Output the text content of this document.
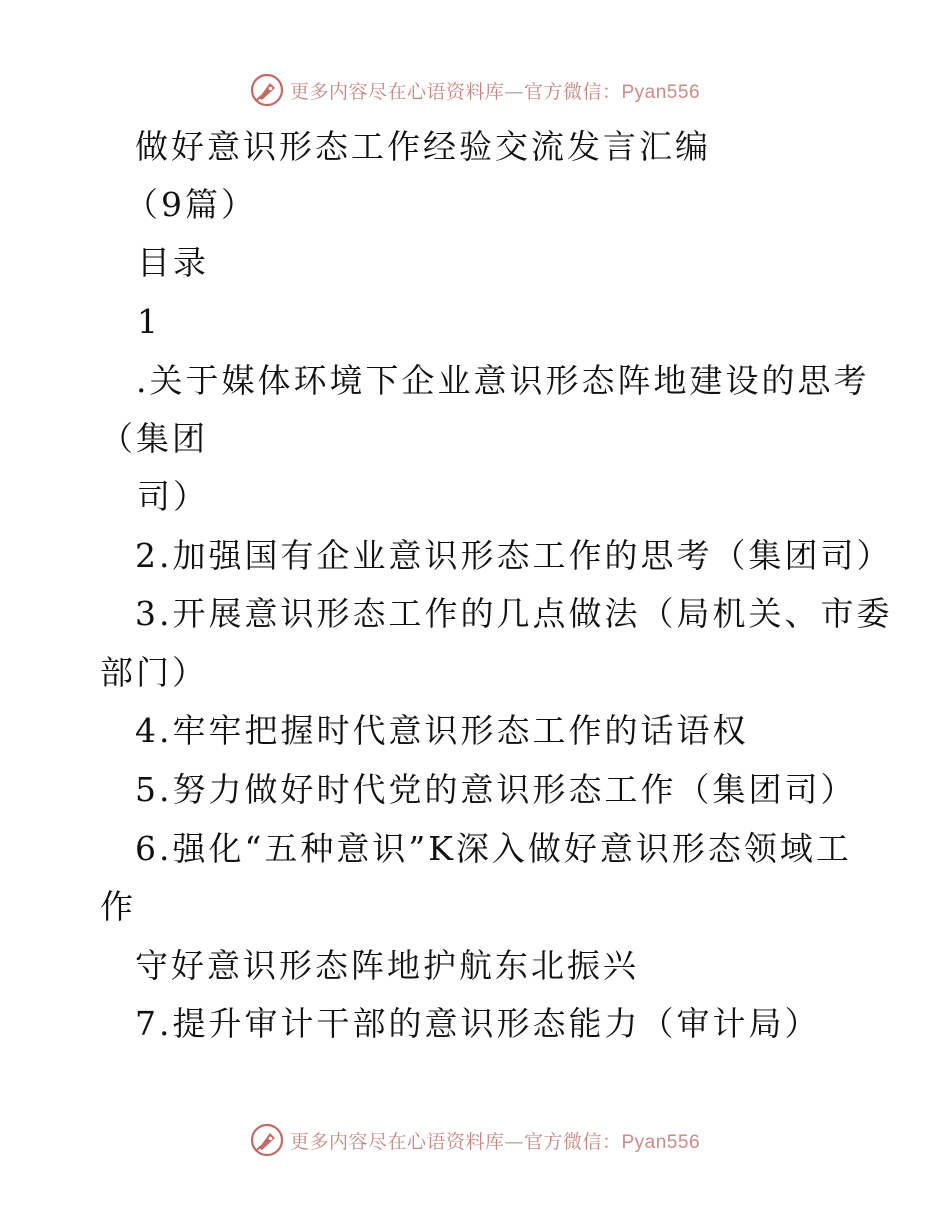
更多内容尽在心语资料库—官方微信：Pyan556
做好意识形态工作经验交流发言汇编
（9篇）
目录
1
.关于媒体环境下企业意识形态阵地建设的思考
（集团
司）
2.加强国有企业意识形态工作的思考（集团司）
3.开展意识形态工作的几点做法（局机关、市委
部门）
4.牢牢把握时代意识形态工作的话语权
5.努力做好时代党的意识形态工作（集团司）
6.强化“五种意识”K深入做好意识形态领域工
作
守好意识形态阵地护航东北振兴
7.提升审计干部的意识形态能力（审计局）
更多内容尽在心语资料库—官方微信：Pyan556
